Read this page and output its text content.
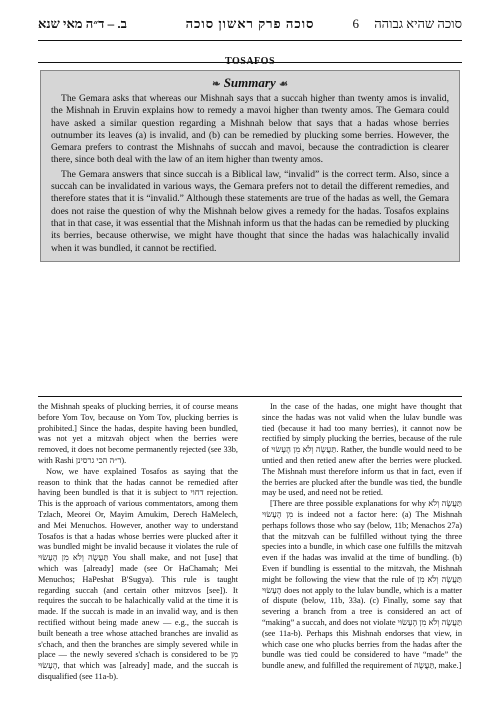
ב. – ד״ה מאי שנא	סוכה פרק ראשון סוכה	סוכה שהיא גבוהה 6
TOSAFOS
❧ Summary ☙

The Gemara asks that whereas our Mishnah says that a succah higher than twenty amos is invalid, the Mishnah in Eruvin explains how to remedy a mavoi higher than twenty amos. The Gemara could have asked a similar question regarding a Mishnah below that says that a hadas whose berries outnumber its leaves (a) is invalid, and (b) can be remedied by plucking some berries. However, the Gemara prefers to contrast the Mishnahs of succah and mavoi, because the contradiction is clearer there, since both deal with the law of an item higher than twenty amos.

The Gemara answers that since succah is a Biblical law, “invalid” is the correct term. Also, since a succah can be invalidated in various ways, the Gemara prefers not to detail the different remedies, and therefore states that it is “invalid.” Although these statements are true of the hadas as well, the Gemara does not raise the question of why the Mishnah below gives a remedy for the hadas. Tosafos explains that in that case, it was essential that the Mishnah inform us that the hadas can be remedied by plucking its berries, because otherwise, we might have thought that since the hadas was halachically invalid when it was bundled, it cannot be rectified.

the Mishnah speaks of plucking berries, it of course means before Yom Tov, because on Yom Tov, plucking berries is prohibited.] Since the hadas, despite having been bundled, was not yet a mitzvah object when the berries were removed, it does not become permanently rejected (see 33b, with Rashi ד״ה הכי גרסינן).

Now, we have explained Tosafos as saying that the reason to think that the hadas cannot be remedied after having been bundled is that it is subject to דחוי rejection. This is the approach of various commentators, among them Tzlach, Meorei Or, Mayim Amukim, Derech HaMelech, and Mei Menuchos. However, another way to understand Tosafos is that a hadas whose berries were plucked after it was bundled might be invalid because it violates the rule of תַּעֲשֶׂה וְלֹא מִן הֶעָשׂוּי You shall make, and not [use] that which was [already] made (see Or HaChamah; Mei Menuchos; HaPeshat B'Sugya). This rule is taught regarding succah (and certain other mitzvos [see]). It requires the succah to be halachically valid at the time it is made. If the succah is made in an invalid way, and is then rectified without being made anew — e.g., the succah is built beneath a tree whose attached branches are invalid as s'chach, and then the branches are simply severed while in place — the newly severed s'chach is considered to be מִן הֶעָשׂוּי, that which was [already] made, and the succah is disqualified (see 11a-b).

In the case of the hadas, one might have thought that since the hadas was not valid when the lulav bundle was tied (because it had too many berries), it cannot now be rectified by simply plucking the berries, because of the rule of תַּעֲשֶׂה וְלֹא מִן הֶעָשׂוּי. Rather, the bundle would need to be untied and then retied anew after the berries were plucked. The Mishnah must therefore inform us that in fact, even if the berries are plucked after the bundle was tied, the bundle may be used, and need not be retied.

[There are three possible explanations for why תַּעֲשֶׂה וְלֹא מִן הֶעָשׂוּי is indeed not a factor here: (a) The Mishnah perhaps follows those who say (below, 11b; Menachos 27a) that the mitzvah can be fulfilled without tying the three species into a bundle, in which case one fulfills the mitzvah even if the hadas was invalid at the time of bundling. (b) Even if bundling is essential to the mitzvah, the Mishnah might be following the view that the rule of תַּעֲשֶׂה וְלֹא מִן הֶעָשׂוּי does not apply to the lulav bundle, which is a matter of dispute (below, 11b, 33a). (c) Finally, some say that severing a branch from a tree is considered an act of “making” a succah, and does not violate תַּעֲשֶׂה וְלֹא מִן הֶעָשׂוּי (see 11a-b). Perhaps this Mishnah endorses that view, in which case one who plucks berries from the hadas after the bundle was tied could be considered to have “made” the bundle anew, and fulfilled the requirement of תַּעֲשֶׂה, make.]
